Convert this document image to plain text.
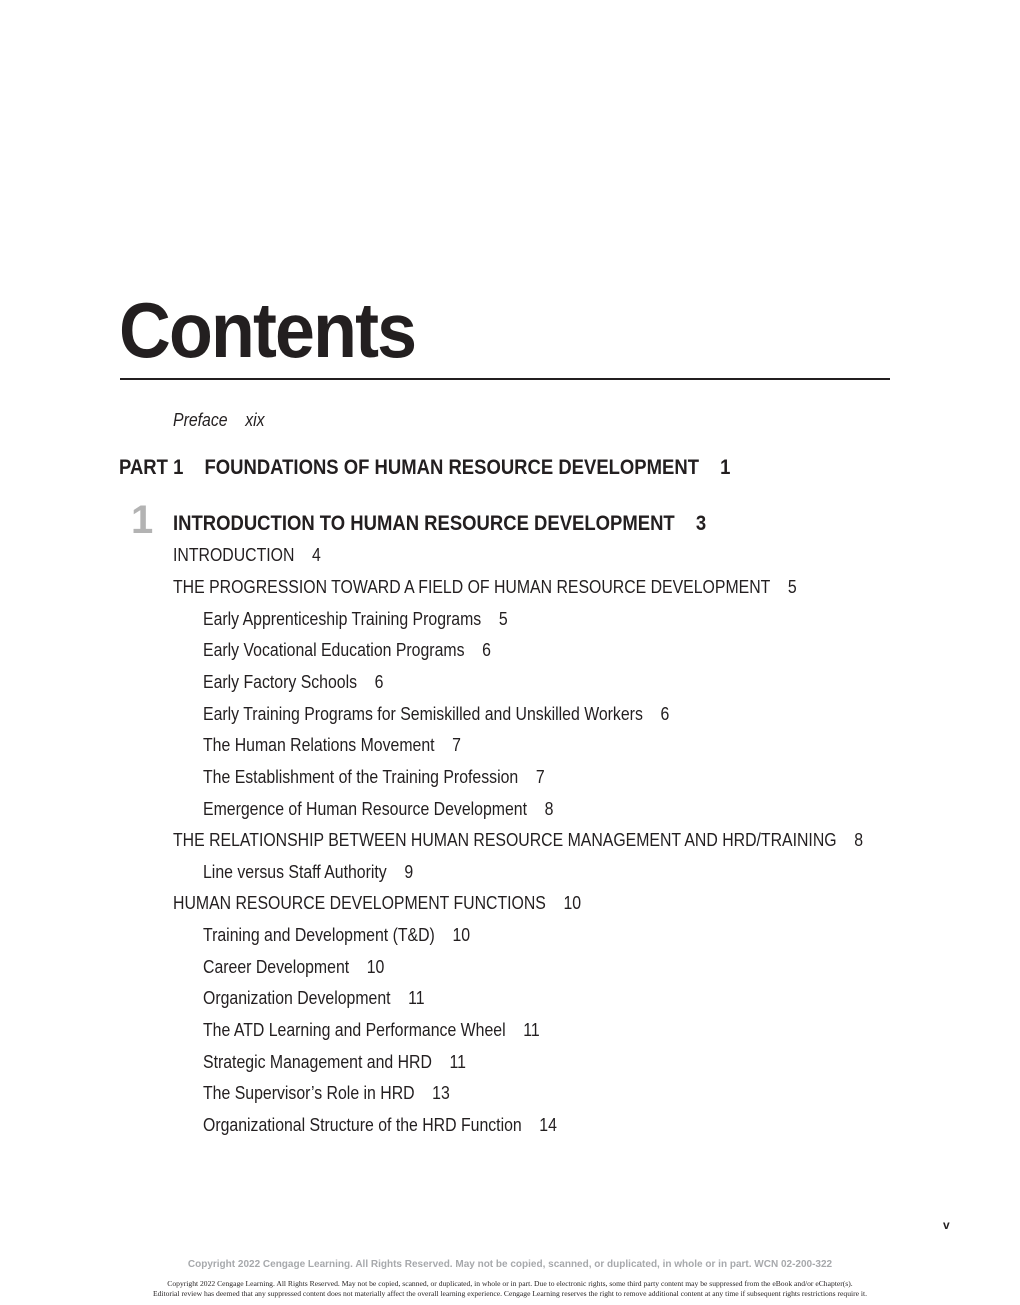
Contents
Preface xix
PART 1 FOUNDATIONS OF HUMAN RESOURCE DEVELOPMENT 1
1 INTRODUCTION TO HUMAN RESOURCE DEVELOPMENT 3
INTRODUCTION 4
THE PROGRESSION TOWARD A FIELD OF HUMAN RESOURCE DEVELOPMENT 5
Early Apprenticeship Training Programs 5
Early Vocational Education Programs 6
Early Factory Schools 6
Early Training Programs for Semiskilled and Unskilled Workers 6
The Human Relations Movement 7
The Establishment of the Training Profession 7
Emergence of Human Resource Development 8
THE RELATIONSHIP BETWEEN HUMAN RESOURCE MANAGEMENT AND HRD/TRAINING 8
Line versus Staff Authority 9
HUMAN RESOURCE DEVELOPMENT FUNCTIONS 10
Training and Development (T&D) 10
Career Development 10
Organization Development 11
The ATD Learning and Performance Wheel 11
Strategic Management and HRD 11
The Supervisor’s Role in HRD 13
Organizational Structure of the HRD Function 14
v
Copyright 2022 Cengage Learning. All Rights Reserved. May not be copied, scanned, or duplicated, in whole or in part. WCN 02-200-322
Copyright 2022 Cengage Learning. All Rights Reserved. May not be copied, scanned, or duplicated, in whole or in part. Due to electronic rights, some third party content may be suppressed from the eBook and/or eChapter(s).
Editorial review has deemed that any suppressed content does not materially affect the overall learning experience. Cengage Learning reserves the right to remove additional content at any time if subsequent rights restrictions require it.
